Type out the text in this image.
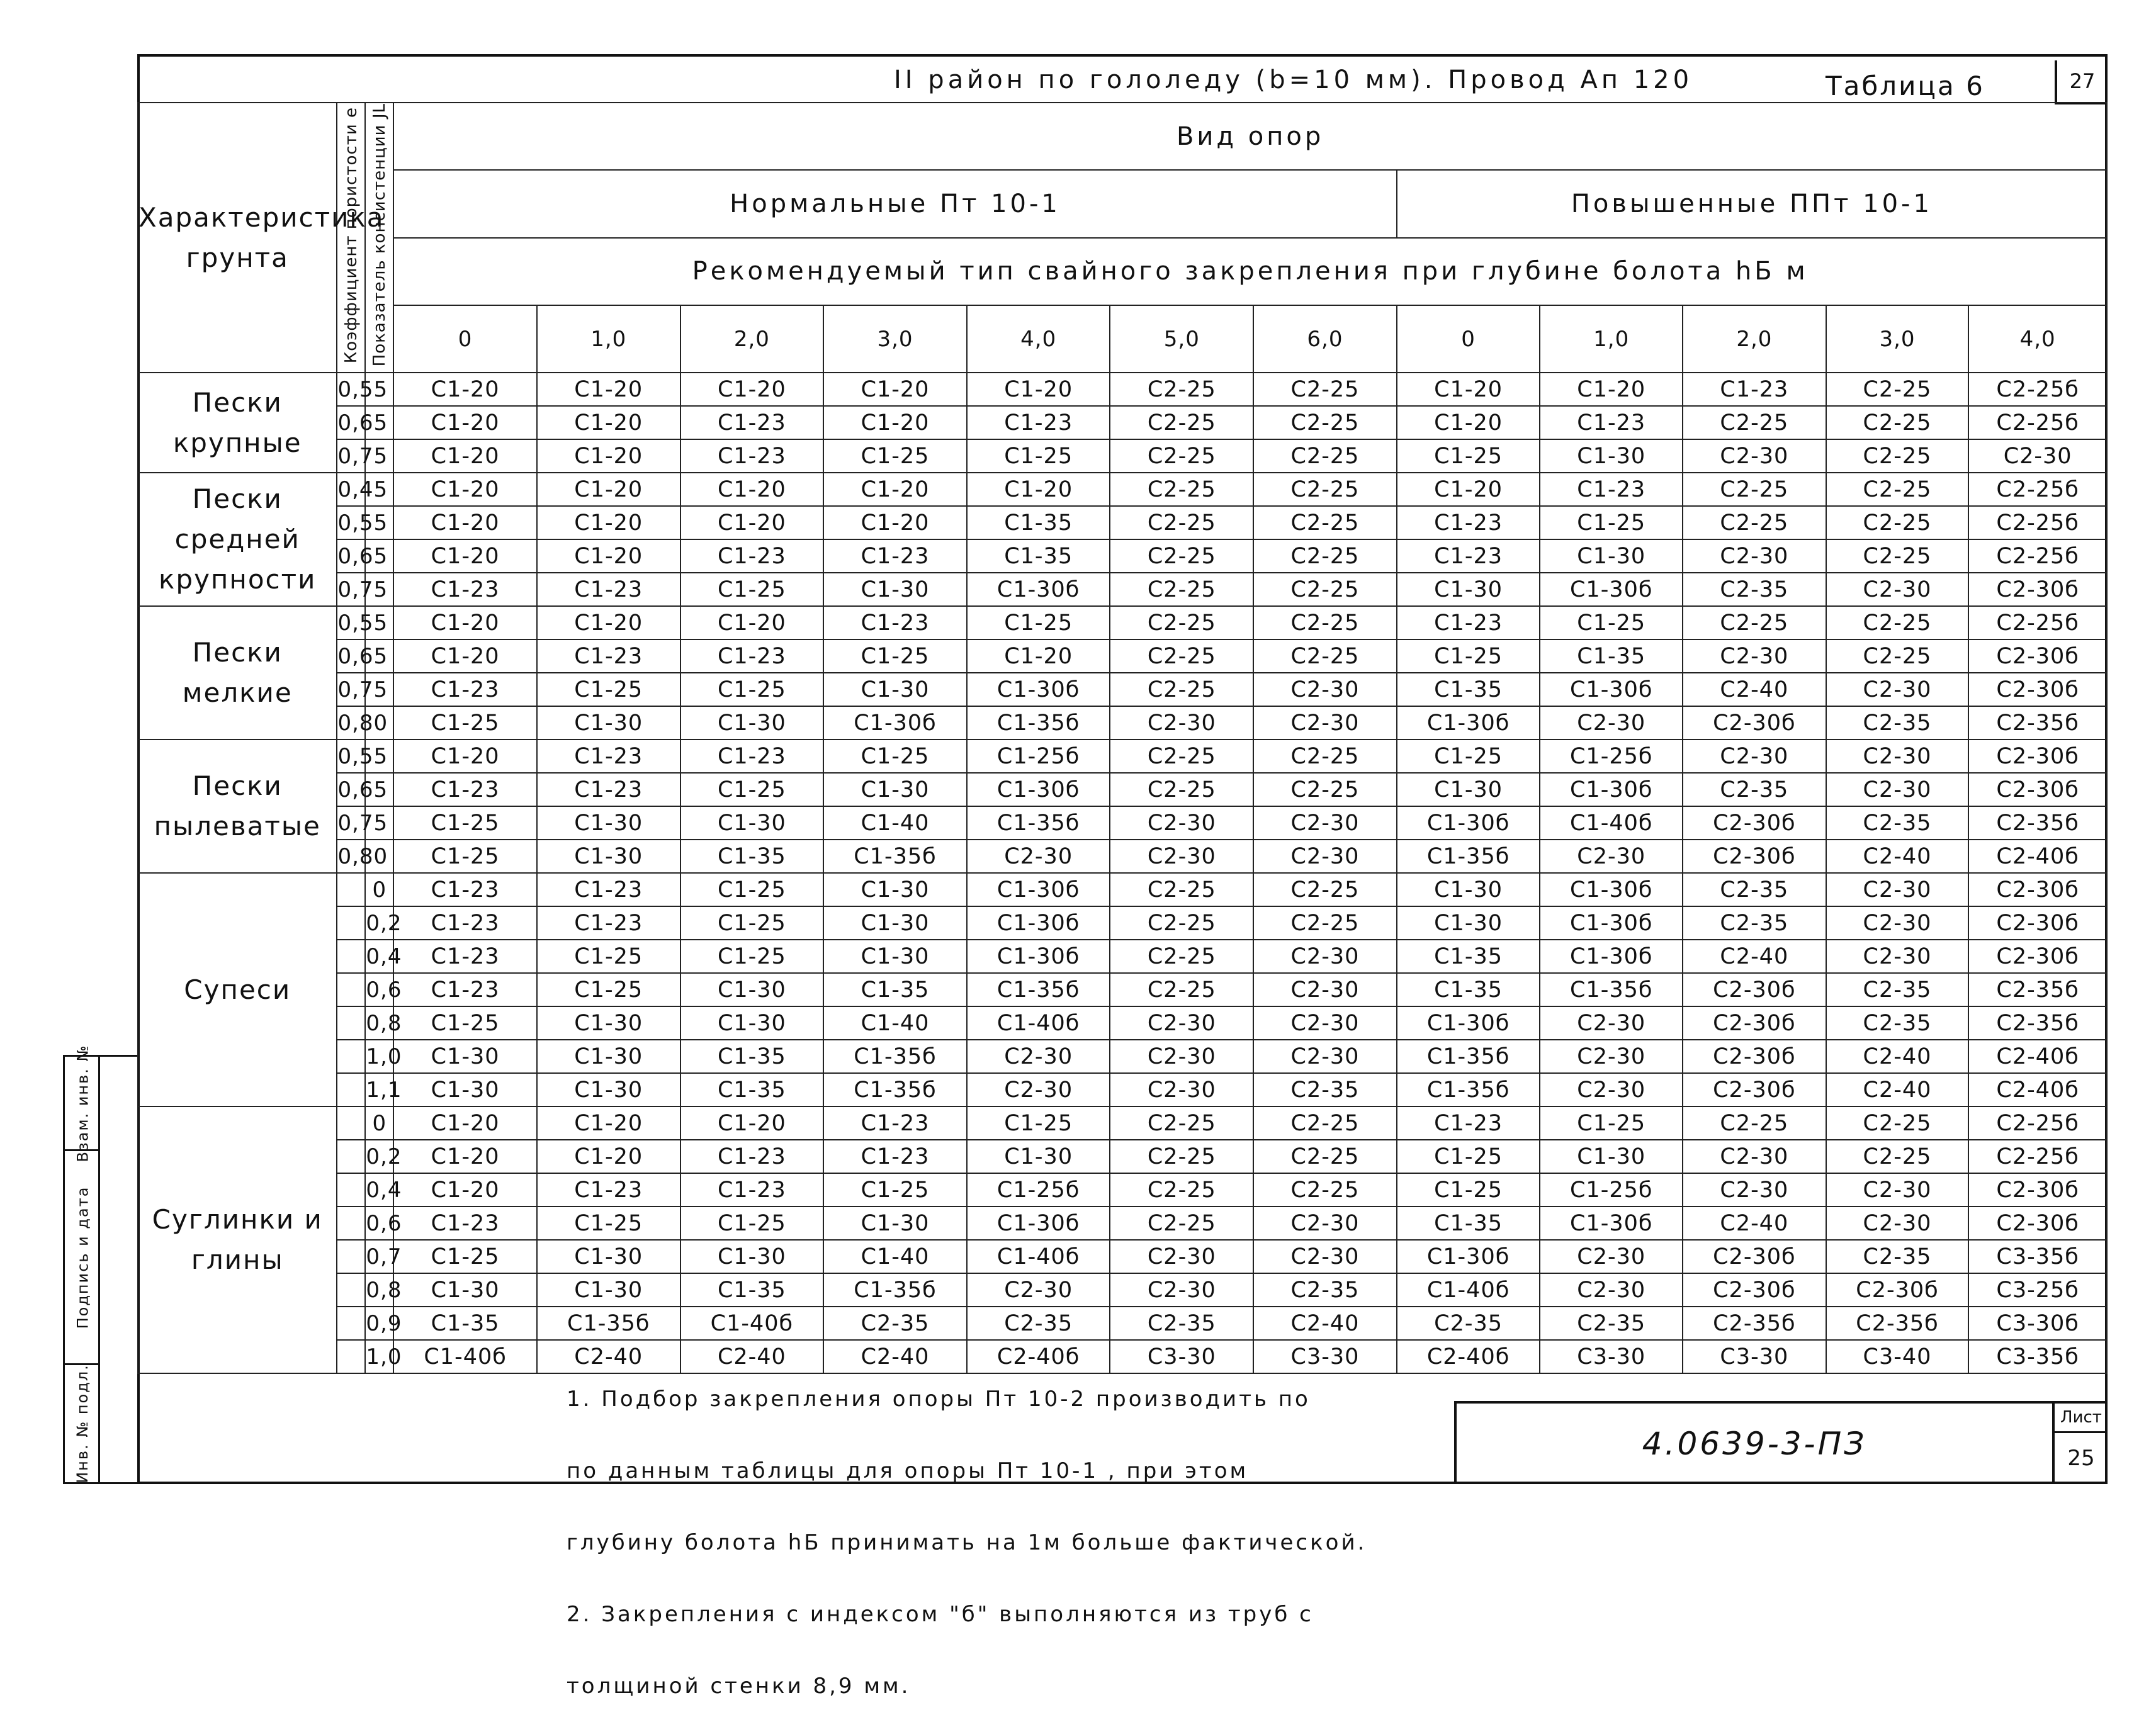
Взам. инв. №
Подпись и дата
Инв. № подл.
II район по гололеду (b=10 мм). Провод Ап 120	Таблица 6	27
Характеристика грунта	Коэффициент пористости e	Показатель консистенции JL	Вид опор											
			Нормальные Пт 10-1							Повышенные ППт 10-1				
			Рекомендуемый тип свайного закрепления при глубине болота hБ м											
			0	1,0	2,0	3,0	4,0	5,0	6,0	0	1,0	2,0	3,0	4,0
Пески крупные	0,55		С1-20	С1-20	С1-20	С1-20	С1-20	С2-25	С2-25	С1-20	С1-20	С1-23	С2-25	С2-25б
	0,65		С1-20	С1-20	С1-23	С1-20	С1-23	С2-25	С2-25	С1-20	С1-23	С2-25	С2-25	С2-25б
	0,75		С1-20	С1-20	С1-23	С1-25	С1-25	С2-25	С2-25	С1-25	С1-30	С2-30	С2-25	С2-30
Пески средней крупности	0,45		С1-20	С1-20	С1-20	С1-20	С1-20	С2-25	С2-25	С1-20	С1-23	С2-25	С2-25	С2-25б
	0,55		С1-20	С1-20	С1-20	С1-20	С1-35	С2-25	С2-25	С1-23	С1-25	С2-25	С2-25	С2-25б
	0,65		С1-20	С1-20	С1-23	С1-23	С1-35	С2-25	С2-25	С1-23	С1-30	С2-30	С2-25	С2-25б
	0,75		С1-23	С1-23	С1-25	С1-30	С1-30б	С2-25	С2-25	С1-30	С1-30б	С2-35	С2-30	С2-30б
Пески мелкие	0,55		С1-20	С1-20	С1-20	С1-23	С1-25	С2-25	С2-25	С1-23	С1-25	С2-25	С2-25	С2-25б
	0,65		С1-20	С1-23	С1-23	С1-25	С1-20	С2-25	С2-25	С1-25	С1-35	С2-30	С2-25	С2-30б
	0,75		С1-23	С1-25	С1-25	С1-30	С1-30б	С2-25	С2-30	С1-35	С1-30б	С2-40	С2-30	С2-30б
	0,80		С1-25	С1-30	С1-30	С1-30б	С1-35б	С2-30	С2-30	С1-30б	С2-30	С2-30б	С2-35	С2-35б
Пески пылеватые	0,55		С1-20	С1-23	С1-23	С1-25	С1-25б	С2-25	С2-25	С1-25	С1-25б	С2-30	С2-30	С2-30б
	0,65		С1-23	С1-23	С1-25	С1-30	С1-30б	С2-25	С2-25	С1-30	С1-30б	С2-35	С2-30	С2-30б
	0,75		С1-25	С1-30	С1-30	С1-40	С1-35б	С2-30	С2-30	С1-30б	С1-40б	С2-30б	С2-35	С2-35б
	0,80		С1-25	С1-30	С1-35	С1-35б	С2-30	С2-30	С2-30	С1-35б	С2-30	С2-30б	С2-40	С2-40б
Супеси		0	С1-23	С1-23	С1-25	С1-30	С1-30б	С2-25	С2-25	С1-30	С1-30б	С2-35	С2-30	С2-30б
		0,2	С1-23	С1-23	С1-25	С1-30	С1-30б	С2-25	С2-25	С1-30	С1-30б	С2-35	С2-30	С2-30б
		0,4	С1-23	С1-25	С1-25	С1-30	С1-30б	С2-25	С2-30	С1-35	С1-30б	С2-40	С2-30	С2-30б
		0,6	С1-23	С1-25	С1-30	С1-35	С1-35б	С2-25	С2-30	С1-35	С1-35б	С2-30б	С2-35	С2-35б
		0,8	С1-25	С1-30	С1-30	С1-40	С1-40б	С2-30	С2-30	С1-30б	С2-30	С2-30б	С2-35	С2-35б
		1,0	С1-30	С1-30	С1-35	С1-35б	С2-30	С2-30	С2-30	С1-35б	С2-30	С2-30б	С2-40	С2-40б
		1,1	С1-30	С1-30	С1-35	С1-35б	С2-30	С2-30	С2-35	С1-35б	С2-30	С2-30б	С2-40	С2-40б
Суглинки и глины		0	С1-20	С1-20	С1-20	С1-23	С1-25	С2-25	С2-25	С1-23	С1-25	С2-25	С2-25	С2-25б
		0,2	С1-20	С1-20	С1-23	С1-23	С1-30	С2-25	С2-25	С1-25	С1-30	С2-30	С2-25	С2-25б
		0,4	С1-20	С1-23	С1-23	С1-25	С1-25б	С2-25	С2-25	С1-25	С1-25б	С2-30	С2-30	С2-30б
		0,6	С1-23	С1-25	С1-25	С1-30	С1-30б	С2-25	С2-30	С1-35	С1-30б	С2-40	С2-30	С2-30б
		0,7	С1-25	С1-30	С1-30	С1-40	С1-40б	С2-30	С2-30	С1-30б	С2-30	С2-30б	С2-35	С3-35б
		0,8	С1-30	С1-30	С1-35	С1-35б	С2-30	С2-30	С2-35	С1-40б	С2-30	С2-30б	С2-30б	С3-25б
		0,9	С1-35	С1-35б	С1-40б	С2-35	С2-35	С2-35	С2-40	С2-35	С2-35	С2-35б	С2-35б	С3-30б
		1,0	С1-40б	С2-40	С2-40	С2-40	С2-40б	С3-30	С3-30	С2-40б	С3-30	С3-30	С3-40	С3-35б

1. Подбор закрепления опоры Пт 10-2 производить по

по данным таблицы для опоры Пт 10-1 , при этом

глубину болота hБ принимать на 1м больше фактической.

2. Закрепления с индексом "б" выполняются из труб с

толщиной стенки 8,9 мм.

4.0639-3-ПЗ
Лист
25
